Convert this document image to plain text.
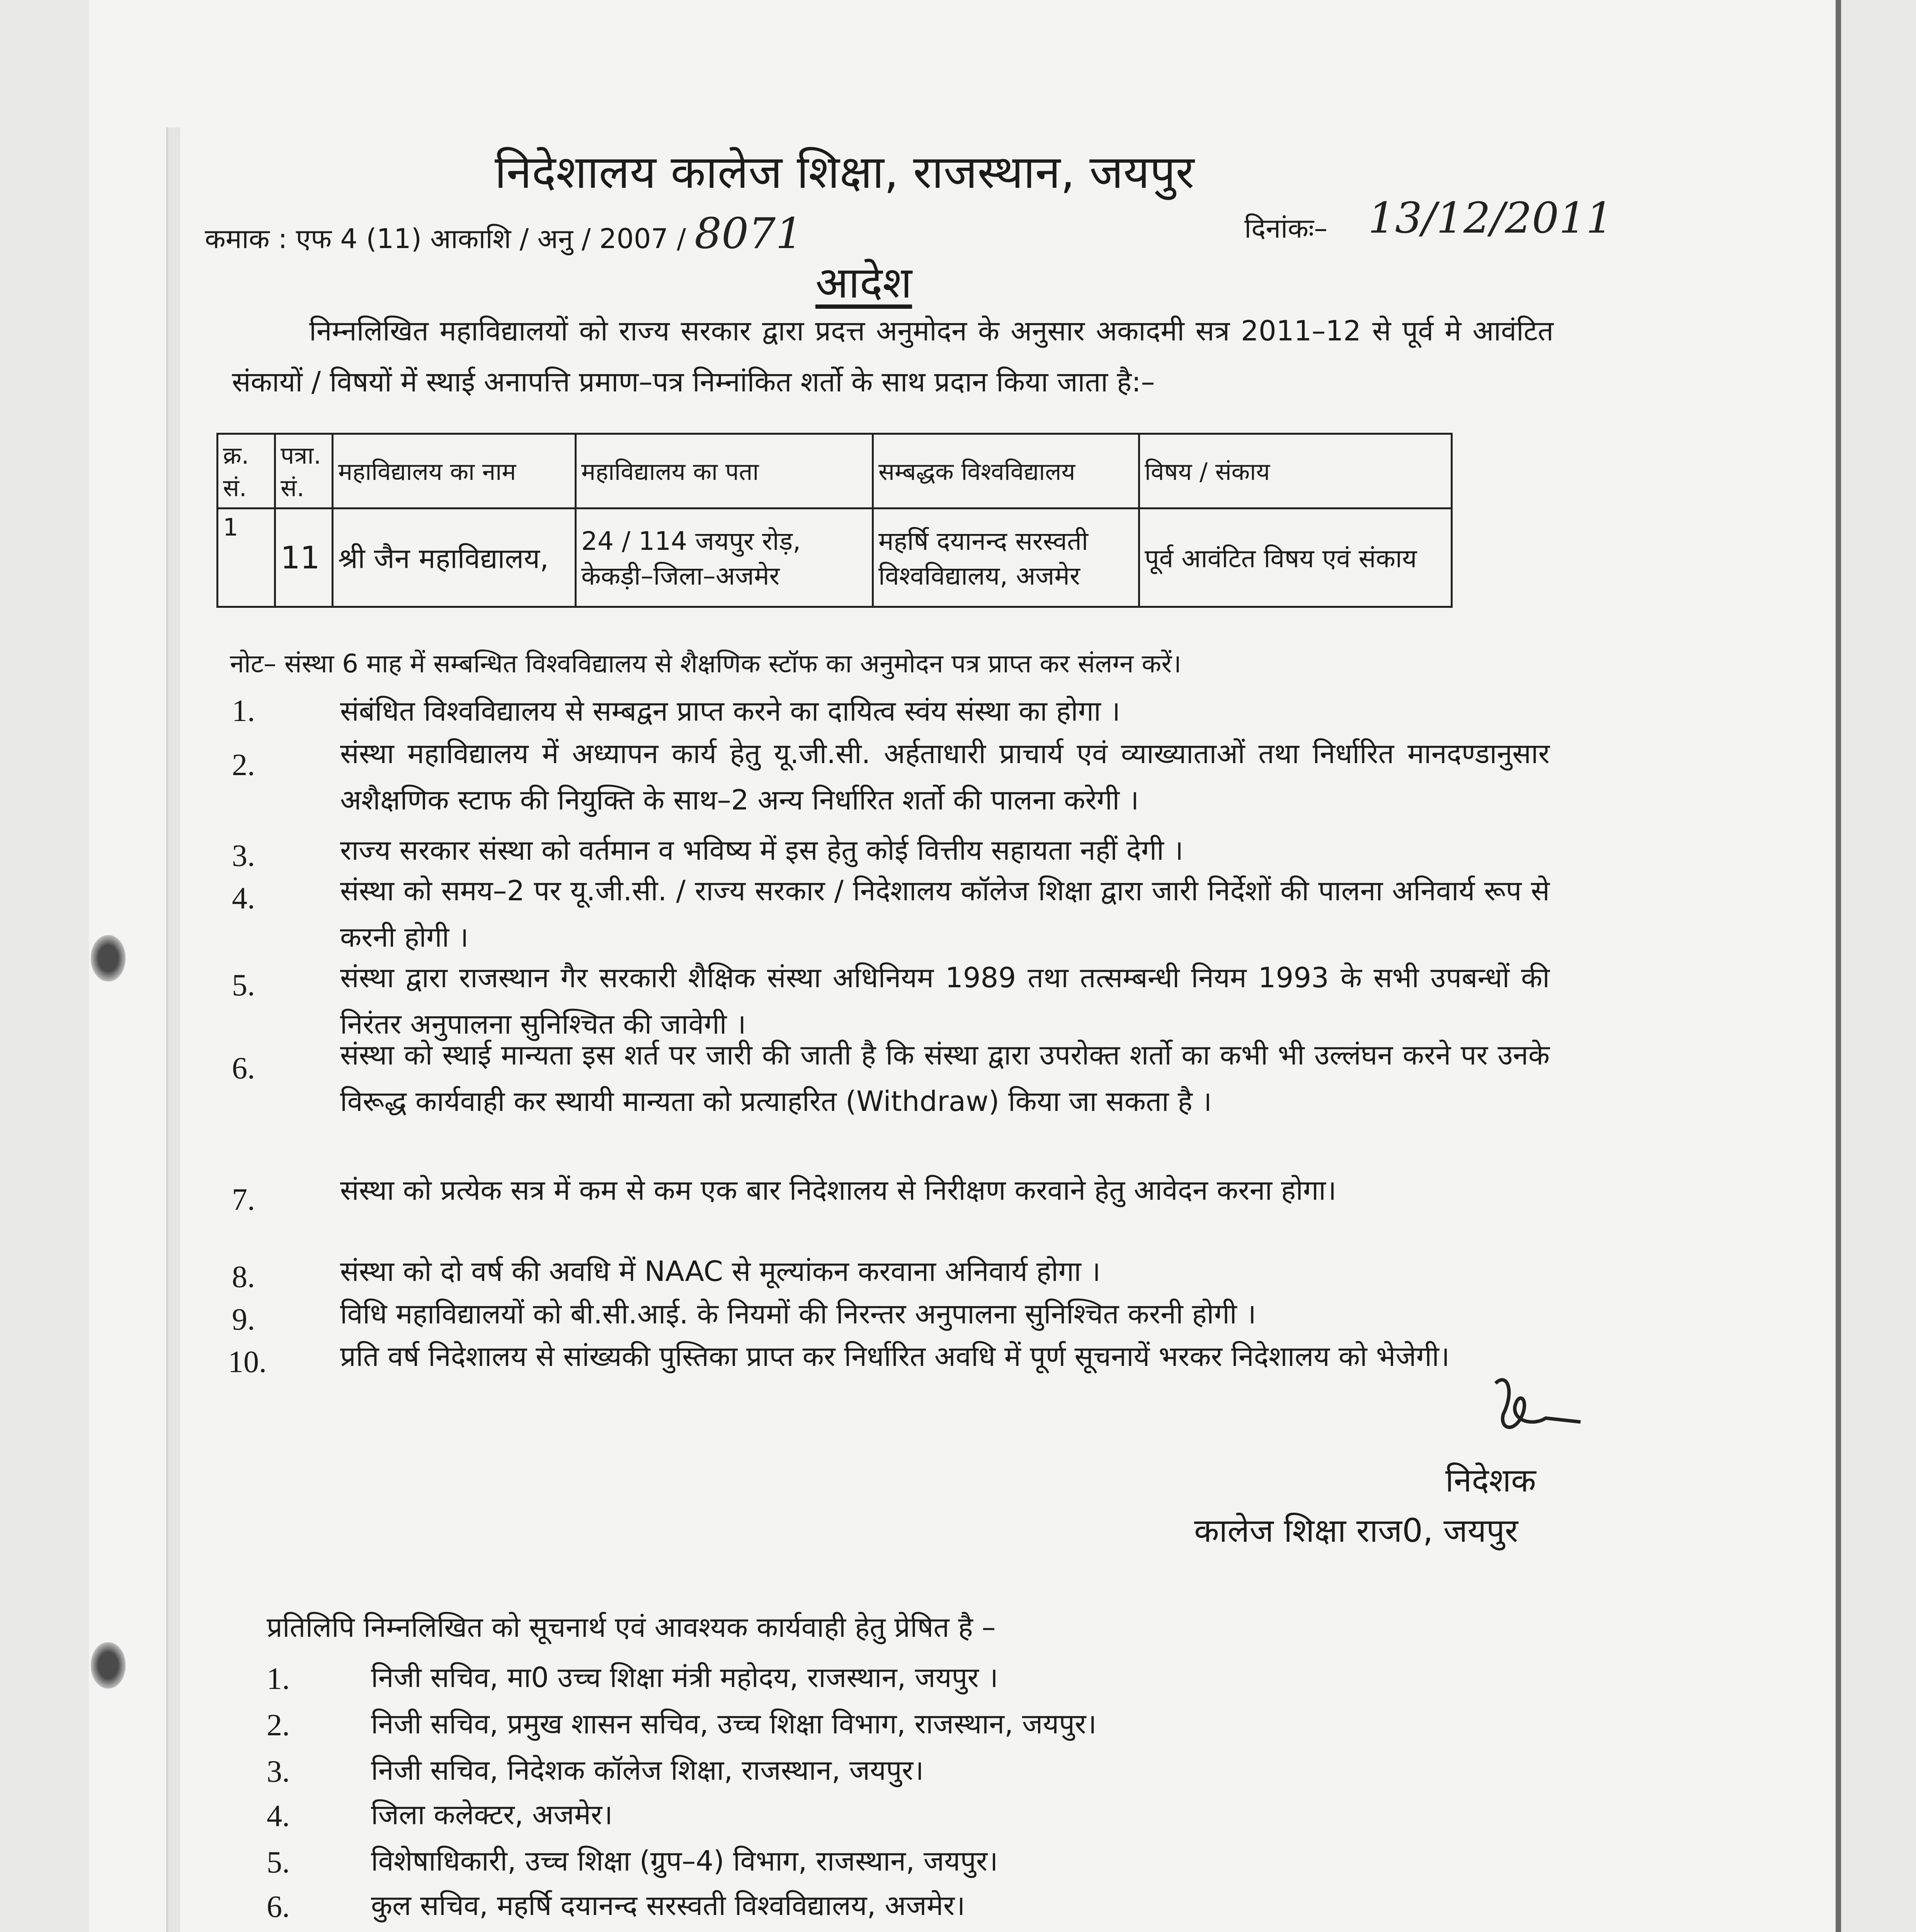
निदेशालय कालेज शिक्षा, राजस्थान, जयपुर
कमाक : एफ 4 (11) आकाशि / अनु / 2007 / 8071	दिनांकः– 13/12/2011
आदेश
निम्नलिखित महाविद्यालयों को राज्य सरकार द्वारा प्रदत्त अनुमोदन के अनुसार अकादमी सत्र 2011–12 से पूर्व मे आवंटित संकायों / विषयों में स्थाई अनापत्ति प्रमाण–पत्र निम्नांकित शर्तो के साथ प्रदान किया जाता है:–
क्र. सं.	पत्रा. सं.	महाविद्यालय का नाम	महाविद्यालय का पता	सम्बद्धक विश्वविद्यालय	विषय / संकाय
1	11	श्री जैन महाविद्यालय,	24 / 114 जयपुर रोड़, केकड़ी–जिला–अजमेर	महर्षि दयानन्द सरस्वती विश्वविद्यालय, अजमेर	पूर्व आवंटित विषय एवं संकाय
नोट– संस्था 6 माह में सम्बन्धित विश्वविद्यालय से शैक्षणिक स्टॉफ का अनुमोदन पत्र प्राप्त कर संलग्न करें।
1.	संबंधित विश्वविद्यालय से सम्बद्वन प्राप्त करने का दायित्व स्वंय संस्था का होगा ।
2.	संस्था महाविद्यालय में अध्यापन कार्य हेतु यू.जी.सी. अर्हताधारी प्राचार्य एवं व्याख्याताओं तथा निर्धारित मानदण्डानुसार अशैक्षणिक स्टाफ की नियुक्ति के साथ–2 अन्य निर्धारित शर्तो की पालना करेगी ।
3.	राज्य सरकार संस्था को वर्तमान व भविष्य में इस हेतु कोई वित्तीय सहायता नहीं देगी ।
4.	संस्था को समय–2 पर यू.जी.सी. / राज्य सरकार / निदेशालय कॉलेज शिक्षा द्वारा जारी निर्देशों की पालना अनिवार्य रूप से करनी होगी ।
5.	संस्था द्वारा राजस्थान गैर सरकारी शैक्षिक संस्था अधिनियम 1989 तथा तत्सम्बन्धी नियम 1993 के सभी उपबन्धों की निरंतर अनुपालना सुनिश्चित की जावेगी ।
6.	संस्था को स्थाई मान्यता इस शर्त पर जारी की जाती है कि संस्था द्वारा उपरोक्त शर्तो का कभी भी उल्लंघन करने पर उनके विरूद्ध कार्यवाही कर स्थायी मान्यता को प्रत्याहरित (Withdraw) किया जा सकता है ।
7.	संस्था को प्रत्येक सत्र में कम से कम एक बार निदेशालय से निरीक्षण करवाने हेतु आवेदन करना होगा।
8.	संस्था को दो वर्ष की अवधि में NAAC से मूल्यांकन करवाना अनिवार्य होगा ।
9.	विधि महाविद्यालयों को बी.सी.आई. के नियमों की निरन्तर अनुपालना सुनिश्चित करनी होगी ।
10.	प्रति वर्ष निदेशालय से सांख्यकी पुस्तिका प्राप्त कर निर्धारित अवधि में पूर्ण सूचनायें भरकर निदेशालय को भेजेगी।
निदेशक
कालेज शिक्षा राज0, जयपुर
प्रतिलिपि निम्नलिखित को सूचनार्थ एवं आवश्यक कार्यवाही हेतु प्रेषित है –
1.	निजी सचिव, मा0 उच्च शिक्षा मंत्री महोदय, राजस्थान, जयपुर ।
2.	निजी सचिव, प्रमुख शासन सचिव, उच्च शिक्षा विभाग, राजस्थान, जयपुर।
3.	निजी सचिव, निदेशक कॉलेज शिक्षा, राजस्थान, जयपुर।
4.	जिला कलेक्टर, अजमेर।
5.	विशेषाधिकारी, उच्च शिक्षा (ग्रुप–4) विभाग, राजस्थान, जयपुर।
6.	कुल सचिव, महर्षि दयानन्द सरस्वती विश्वविद्यालय, अजमेर।
